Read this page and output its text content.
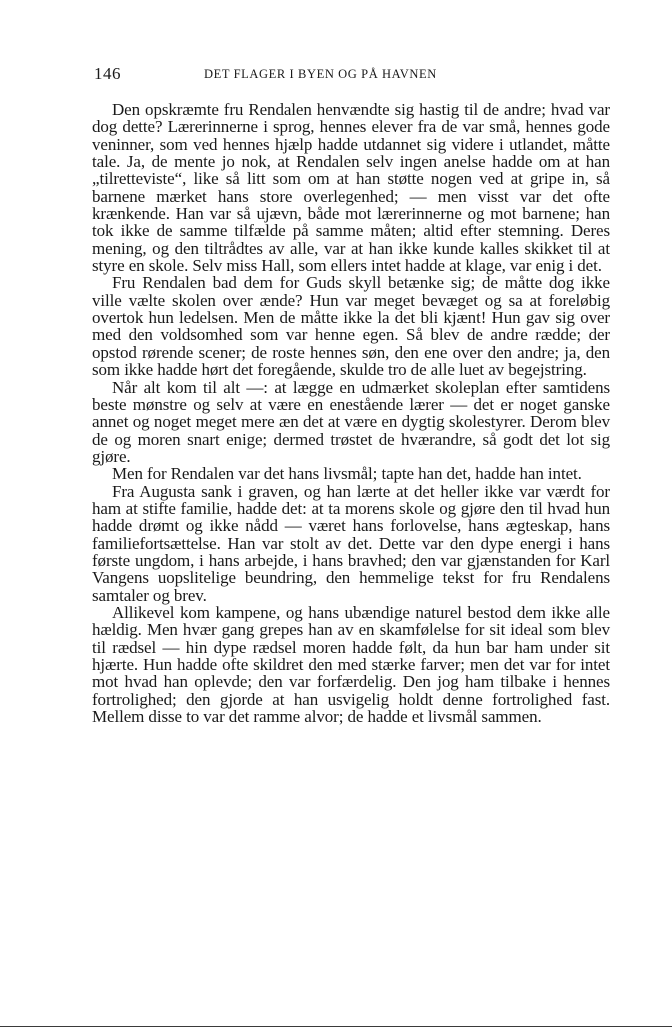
146	DET FLAGER I BYEN OG PÅ HAVNEN

Den opskræmte fru Rendalen henvændte sig hastig til de andre; hvad var dog dette? Lærerinnerne i sprog, hennes elever fra de var små, hennes gode veninner, som ved hennes hjælp hadde utdannet sig videre i utlandet, måtte tale. Ja, de mente jo nok, at Rendalen selv ingen anelse hadde om at han „tilretteviste“, like så litt som om at han støtte nogen ved at gripe in, så barnene mærket hans store overlegenhed; — men visst var det ofte krænkende. Han var så ujævn, både mot lærerinnerne og mot barnene; han tok ikke de samme tilfælde på samme måten; altid efter stemning. Deres mening, og den tiltrådtes av alle, var at han ikke kunde kalles skikket til at styre en skole. Selv miss Hall, som ellers intet hadde at klage, var enig i det.

Fru Rendalen bad dem for Guds skyll betænke sig; de måtte dog ikke ville vælte skolen over ænde? Hun var meget bevæget og sa at foreløbig overtok hun ledelsen. Men de måtte ikke la det bli kjænt! Hun gav sig over med den voldsomhed som var henne egen. Så blev de andre rædde; der opstod rørende scener; de roste hennes søn, den ene over den andre; ja, den som ikke hadde hørt det foregående, skulde tro de alle luet av begejstring.

Når alt kom til alt —: at lægge en udmærket skoleplan efter samtidens beste mønstre og selv at være en enestående lærer — det er noget ganske annet og noget meget mere æn det at være en dygtig skolestyrer. Derom blev de og moren snart enige; dermed trøstet de hværandre, så godt det lot sig gjøre.

Men for Rendalen var det hans livsmål; tapte han det, hadde han intet.

Fra Augusta sank i graven, og han lærte at det heller ikke var værdt for ham at stifte familie, hadde det: at ta morens skole og gjøre den til hvad hun hadde drømt og ikke nådd — været hans forlovelse, hans ægteskap, hans familiefortsættelse. Han var stolt av det. Dette var den dype energi i hans første ungdom, i hans arbejde, i hans bravhed; den var gjænstanden for Karl Vangens uopslitelige beundring, den hemmelige tekst for fru Rendalens samtaler og brev.

Allikevel kom kampene, og hans ubændige naturel bestod dem ikke alle hældig. Men hvær gang grepes han av en skamfølelse for sit ideal som blev til rædsel — hin dype rædsel moren hadde følt, da hun bar ham under sit hjærte. Hun hadde ofte skildret den med stærke farver; men det var for intet mot hvad han oplevde; den var forfærdelig. Den jog ham tilbake i hennes fortrolighed; den gjorde at han usvigelig holdt denne fortrolighed fast. Mellem disse to var det ramme alvor; de hadde et livsmål sammen.
